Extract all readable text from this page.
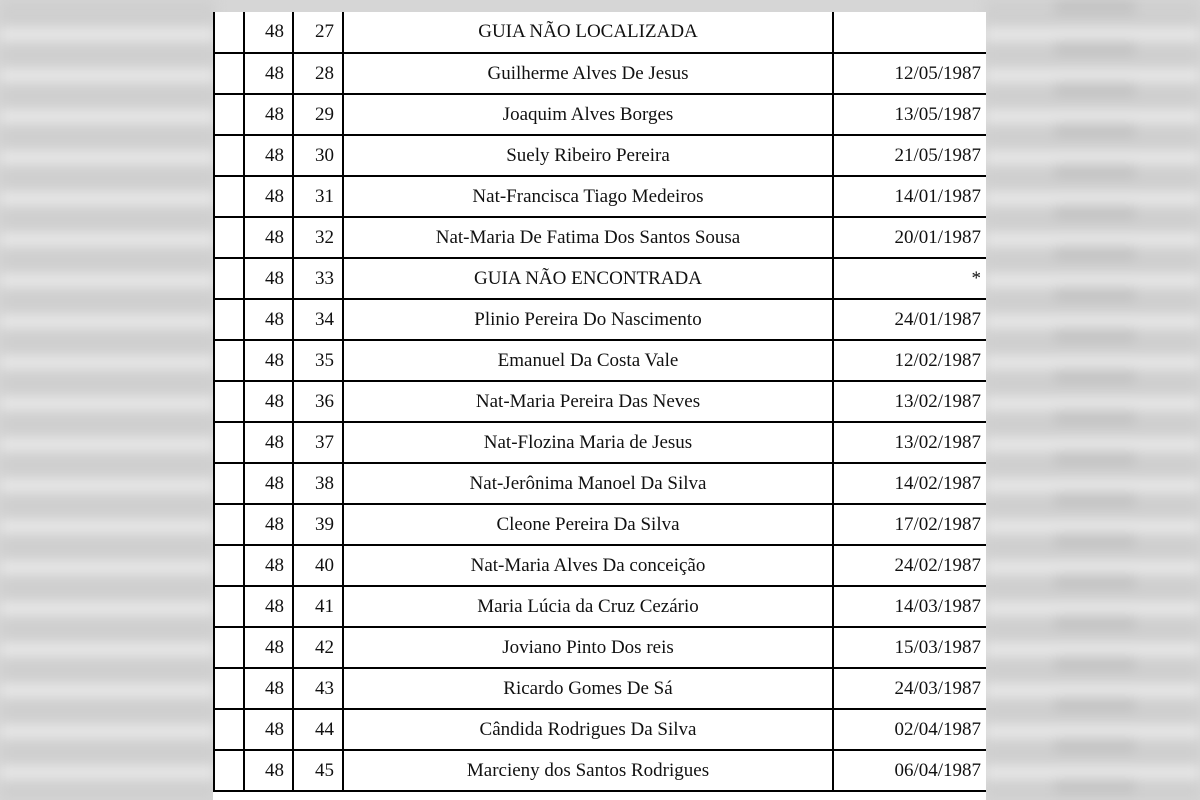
	48	27	GUIA NÃO LOCALIZADA	
	48	28	Guilherme Alves De Jesus	12/05/1987
	48	29	Joaquim Alves Borges	13/05/1987
	48	30	Suely Ribeiro Pereira	21/05/1987
	48	31	Nat-Francisca Tiago Medeiros	14/01/1987
	48	32	Nat-Maria De Fatima Dos Santos Sousa	20/01/1987
	48	33	GUIA NÃO ENCONTRADA	*
	48	34	Plinio Pereira Do Nascimento	24/01/1987
	48	35	Emanuel Da Costa Vale	12/02/1987
	48	36	Nat-Maria Pereira Das Neves	13/02/1987
	48	37	Nat-Flozina Maria de Jesus	13/02/1987
	48	38	Nat-Jerônima Manoel Da Silva	14/02/1987
	48	39	Cleone Pereira Da Silva	17/02/1987
	48	40	Nat-Maria Alves Da conceição	24/02/1987
	48	41	Maria Lúcia da Cruz Cezário	14/03/1987
	48	42	Joviano Pinto Dos reis	15/03/1987
	48	43	Ricardo Gomes De Sá	24/03/1987
	48	44	Cândida Rodrigues Da Silva	02/04/1987
	48	45	Marcieny dos Santos Rodrigues	06/04/1987
